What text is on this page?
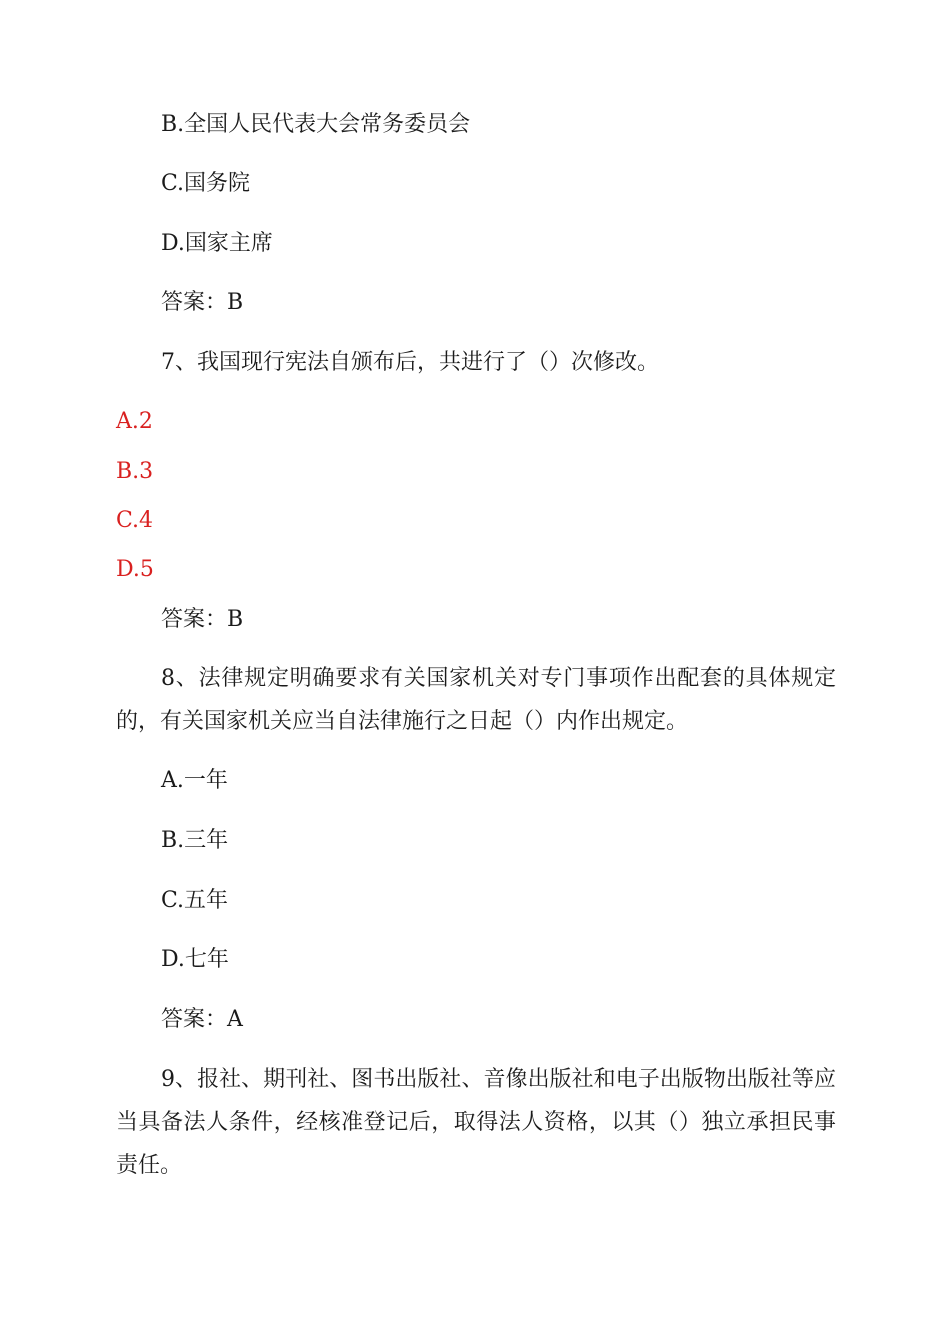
B.全国人民代表大会常务委员会
C.国务院
D.国家主席
答案：B
7、我国现行宪法自颁布后，共进行了（）次修改。
A.2
B.3
C.4
D.5
答案：B
8、法律规定明确要求有关国家机关对专门事项作出配套的具体规定的，有关国家机关应当自法律施行之日起（）内作出规定。
A.一年
B.三年
C.五年
D.七年
答案：A
9、报社、期刊社、图书出版社、音像出版社和电子出版物出版社等应当具备法人条件，经核准登记后，取得法人资格，以其（）独立承担民事责任。
